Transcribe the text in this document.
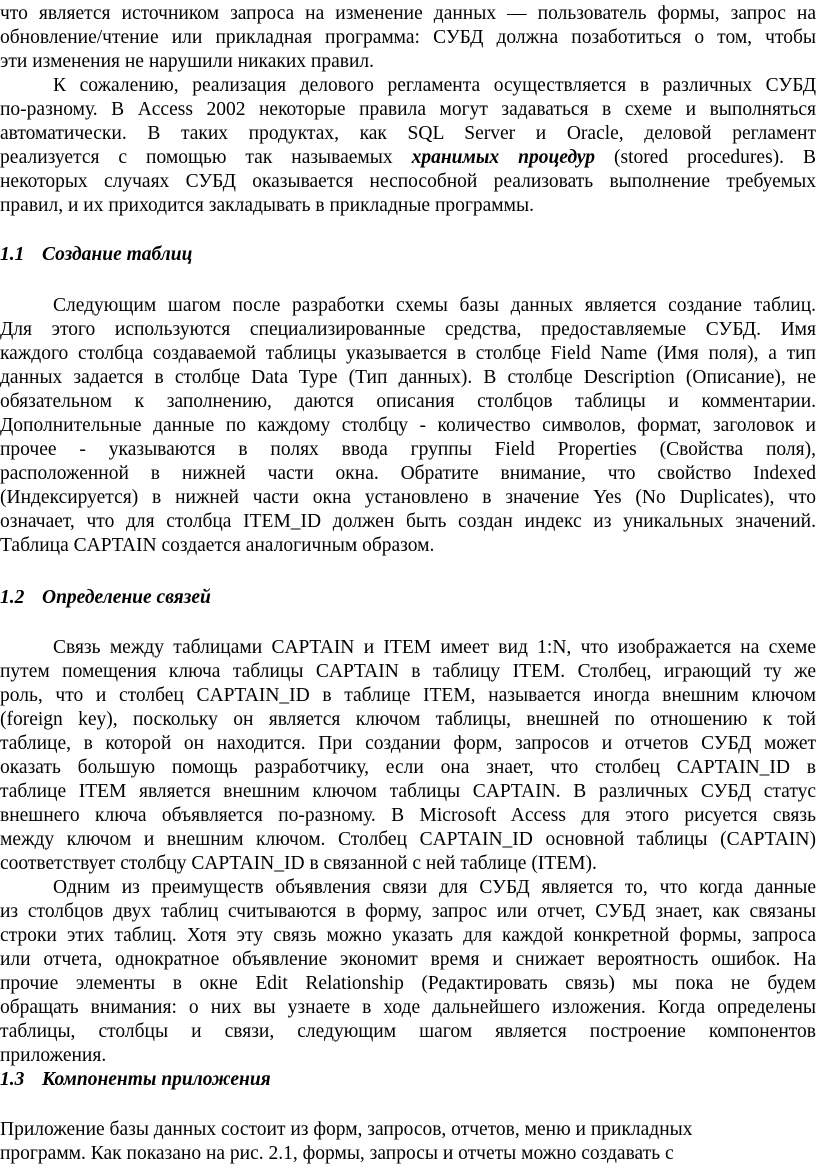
что является источником запроса на изменение данных — пользователь формы, запрос на
обновление/чтение или прикладная программа: СУБД должна позаботиться о том, чтобы
эти изменения не нарушили никаких правил.
К сожалению, реализация делового регламента осуществляется в различных СУБД
по-разному. В Access 2002 некоторые правила могут задаваться в схеме и выполняться
автоматически. В таких продуктах, как SQL Server и Oracle, деловой регламент
реализуется с помощью так называемых хранимых процедур (stored procedures). В
некоторых случаях СУБД оказывается неспособной реализовать выполнение требуемых
правил, и их приходится закладывать в прикладные программы.
1.1 Создание таблиц
Следующим шагом после разработки схемы базы данных является создание таблиц.
Для этого используются специализированные средства, предоставляемые СУБД. Имя
каждого столбца создаваемой таблицы указывается в столбце Field Name (Имя поля), а тип
данных задается в столбце Data Type (Тип данных). В столбце Description (Описание), не
обязательном к заполнению, даются описания столбцов таблицы и комментарии.
Дополнительные данные по каждому столбцу - количество символов, формат, заголовок и
прочее - указываются в полях ввода группы Field Properties (Свойства поля),
расположенной в нижней части окна. Обратите внимание, что свойство Indexed
(Индексируется) в нижней части окна установлено в значение Yes (No Duplicates), что
означает, что для столбца ITEM_ID должен быть создан индекс из уникальных значений.
Таблица CAPTAIN создается аналогичным образом.
1.2 Определение связей
Связь между таблицами CAPTAIN и ITEM имеет вид 1:N, что изображается на схеме
путем помещения ключа таблицы CAPTAIN в таблицу ITEM. Столбец, играющий ту же
роль, что и столбец CAPTAIN_ID в таблице ITEM, называется иногда внешним ключом
(foreign key), поскольку он является ключом таблицы, внешней по отношению к той
таблице, в которой он находится. При создании форм, запросов и отчетов СУБД может
оказать большую помощь разработчику, если она знает, что столбец CAPTAIN_ID в
таблице ITEM является внешним ключом таблицы CAPTAIN. В различных СУБД статус
внешнего ключа объявляется по-разному. В Microsoft Access для этого рисуется связь
между ключом и внешним ключом. Столбец CAPTAIN_ID основной таблицы (CAPTAIN)
соответствует столбцу CAPTAIN_ID в связанной с ней таблице (ITEM).
Одним из преимуществ объявления связи для СУБД является то, что когда данные
из столбцов двух таблиц считываются в форму, запрос или отчет, СУБД знает, как связаны
строки этих таблиц. Хотя эту связь можно указать для каждой конкретной формы, запроса
или отчета, однократное объявление экономит время и снижает вероятность ошибок. На
прочие элементы в окне Edit Relationship (Редактировать связь) мы пока не будем
обращать внимания: о них вы узнаете в ходе дальнейшего изложения. Когда определены
таблицы, столбцы и связи, следующим шагом является построение компонентов
приложения.
1.3 Компоненты приложения
Приложение базы данных состоит из форм, запросов, отчетов, меню и прикладных
программ. Как показано на рис. 2.1, формы, запросы и отчеты можно создавать с
